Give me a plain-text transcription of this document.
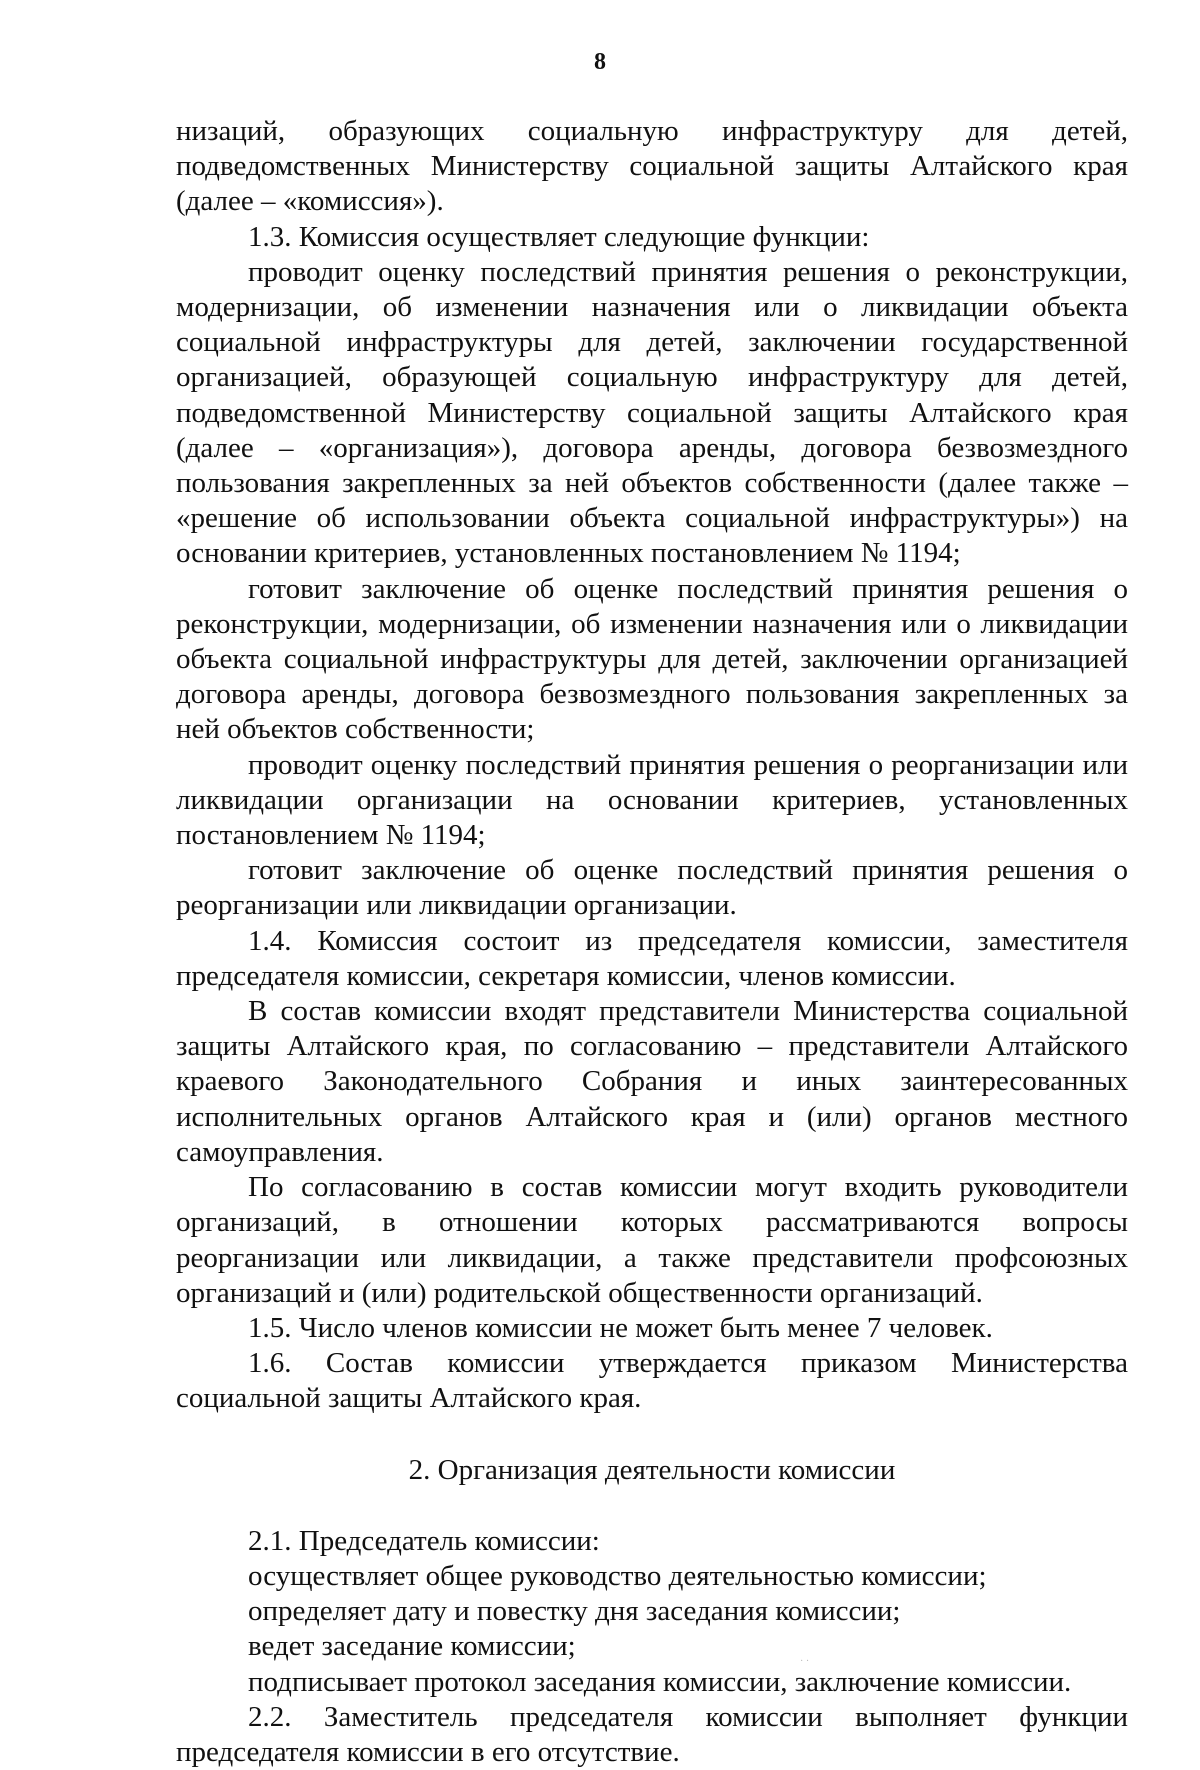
8

низаций, образующих социальную инфраструктуру для детей, подведомственных Министерству социальной защиты Алтайского края (далее – «комиссия»).

1.3. Комиссия осуществляет следующие функции:

проводит оценку последствий принятия решения о реконструкции, модернизации, об изменении назначения или о ликвидации объекта социальной инфраструктуры для детей, заключении государственной организацией, образующей социальную инфраструктуру для детей, подведомственной Министерству социальной защиты Алтайского края (далее – «организация»), договора аренды, договора безвозмездного пользования закрепленных за ней объектов собственности (далее также – «решение об использовании объекта социальной инфраструктуры») на основании критериев, установленных постановлением № 1194;

готовит заключение об оценке последствий принятия решения о реконструкции, модернизации, об изменении назначения или о ликвидации объекта социальной инфраструктуры для детей, заключении организацией договора аренды, договора безвозмездного пользования закрепленных за ней объектов собственности;

проводит оценку последствий принятия решения о реорганизации или ликвидации организации на основании критериев, установленных постановлением № 1194;

готовит заключение об оценке последствий принятия решения о реорганизации или ликвидации организации.

1.4. Комиссия состоит из председателя комиссии, заместителя председателя комиссии, секретаря комиссии, членов комиссии.

В состав комиссии входят представители Министерства социальной защиты Алтайского края, по согласованию – представители Алтайского краевого Законодательного Собрания и иных заинтересованных исполнительных органов Алтайского края и (или) органов местного самоуправления.

По согласованию в состав комиссии могут входить руководители организаций, в отношении которых рассматриваются вопросы реорганизации или ликвидации, а также представители профсоюзных организаций и (или) родительской общественности организаций.

1.5. Число членов комиссии не может быть менее 7 человек.

1.6. Состав комиссии утверждается приказом Министерства социальной защиты Алтайского края.

2. Организация деятельности комиссии

2.1. Председатель комиссии:

осуществляет общее руководство деятельностью комиссии;

определяет дату и повестку дня заседания комиссии;

ведет заседание комиссии;

подписывает протокол заседания комиссии, заключение комиссии.

2.2. Заместитель председателя комиссии выполняет функции председателя комиссии в его отсутствие.

· ·
